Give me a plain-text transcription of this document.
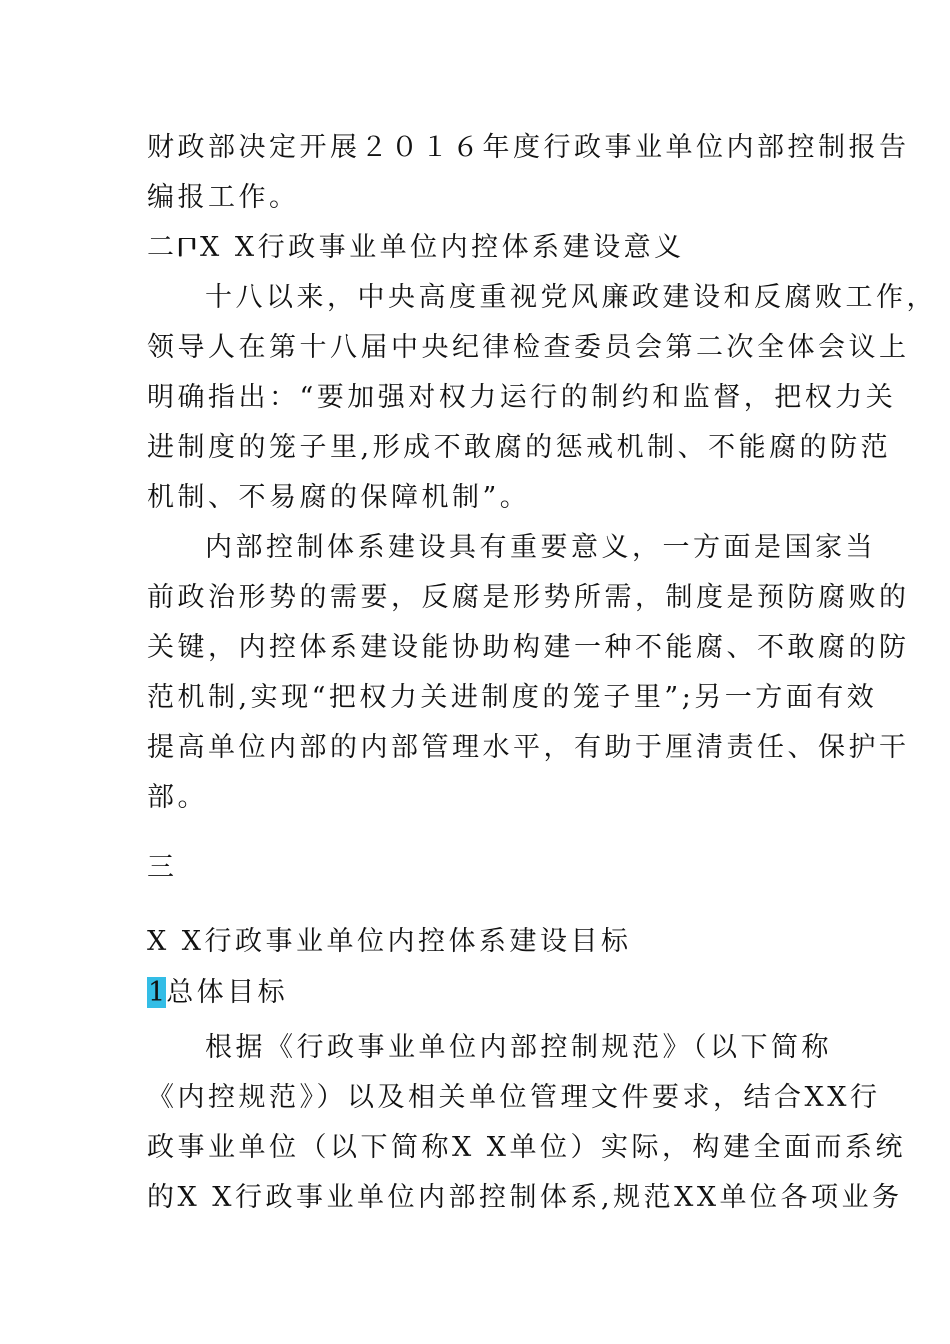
财政部决定开展２０１６年度行政事业单位内部控制报告
编报工作。
二𐅃X X行政事业单位内控体系建设意义
十八以来，中央高度重视党风廉政建设和反腐败工作，
领导人在第十八届中央纪律检查委员会第二次全体会议上
明确指出：“要加强对权力运行的制约和监督，把权力关
进制度的笼子里,形成不敢腐的惩戒机制、不能腐的防范
机制、不易腐的保障机制”。
内部控制体系建设具有重要意义，一方面是国家当
前政治形势的需要，反腐是形势所需，制度是预防腐败的
关键，内控体系建设能协助构建一种不能腐、不敢腐的防
范机制,实现“把权力关进制度的笼子里”;另一方面有效
提高单位内部的内部管理水平，有助于厘清责任、保护干
部。
三
X X行政事业单位内控体系建设目标
1总体目标
根据《行政事业单位内部控制规范》（以下简称
《内控规范》）以及相关单位管理文件要求，结合XX行
政事业单位（以下简称X X单位）实际，构建全面而系统
的X X行政事业单位内部控制体系,规范XX单位各项业务
